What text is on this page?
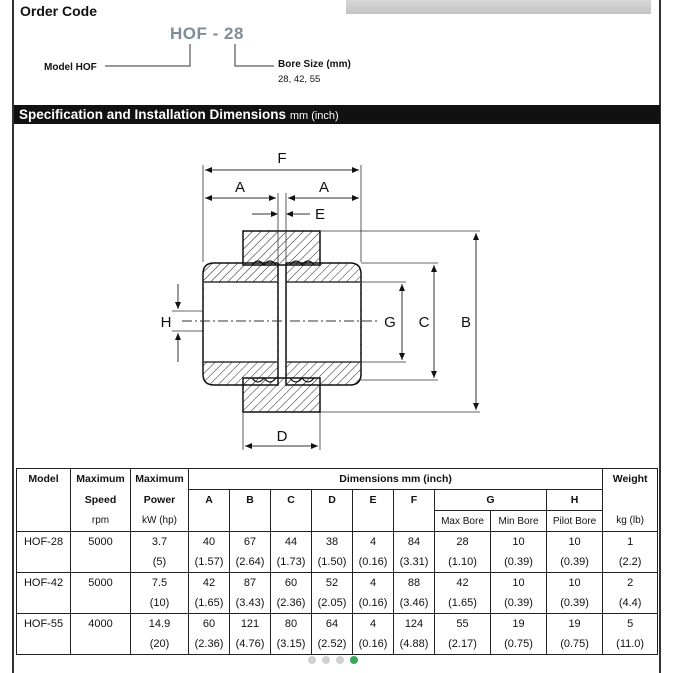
Order Code
HOF - 28
Model HOF	Bore Size (mm)
28, 42, 55
Specification and Installation Dimensions mm (inch)
F
A	A
E
H	G C B
D
Model	Maximum	Maximum	Dimensions mm (inch)									Weight
	Speed	Power	A	B	C	D	E	F	G		H	
	rpm	kW (hp)							Max Bore	Min Bore	Pilot Bore	kg (lb)
HOF-28	5000	3.7	40	67	44	38	4	84	28	10	10	1
		(5)	(1.57)	(2.64)	(1.73)	(1.50)	(0.16)	(3.31)	(1.10)	(0.39)	(0.39)	(2.2)
HOF-42	5000	7.5	42	87	60	52	4	88	42	10	10	2
		(10)	(1.65)	(3.43)	(2.36)	(2.05)	(0.16)	(3.46)	(1.65)	(0.39)	(0.39)	(4.4)
HOF-55	4000	14.9	60	121	80	64	4	124	55	19	19	5
		(20)	(2.36)	(4.76)	(3.15)	(2.52)	(0.16)	(4.88)	(2.17)	(0.75)	(0.75)	(11.0)
